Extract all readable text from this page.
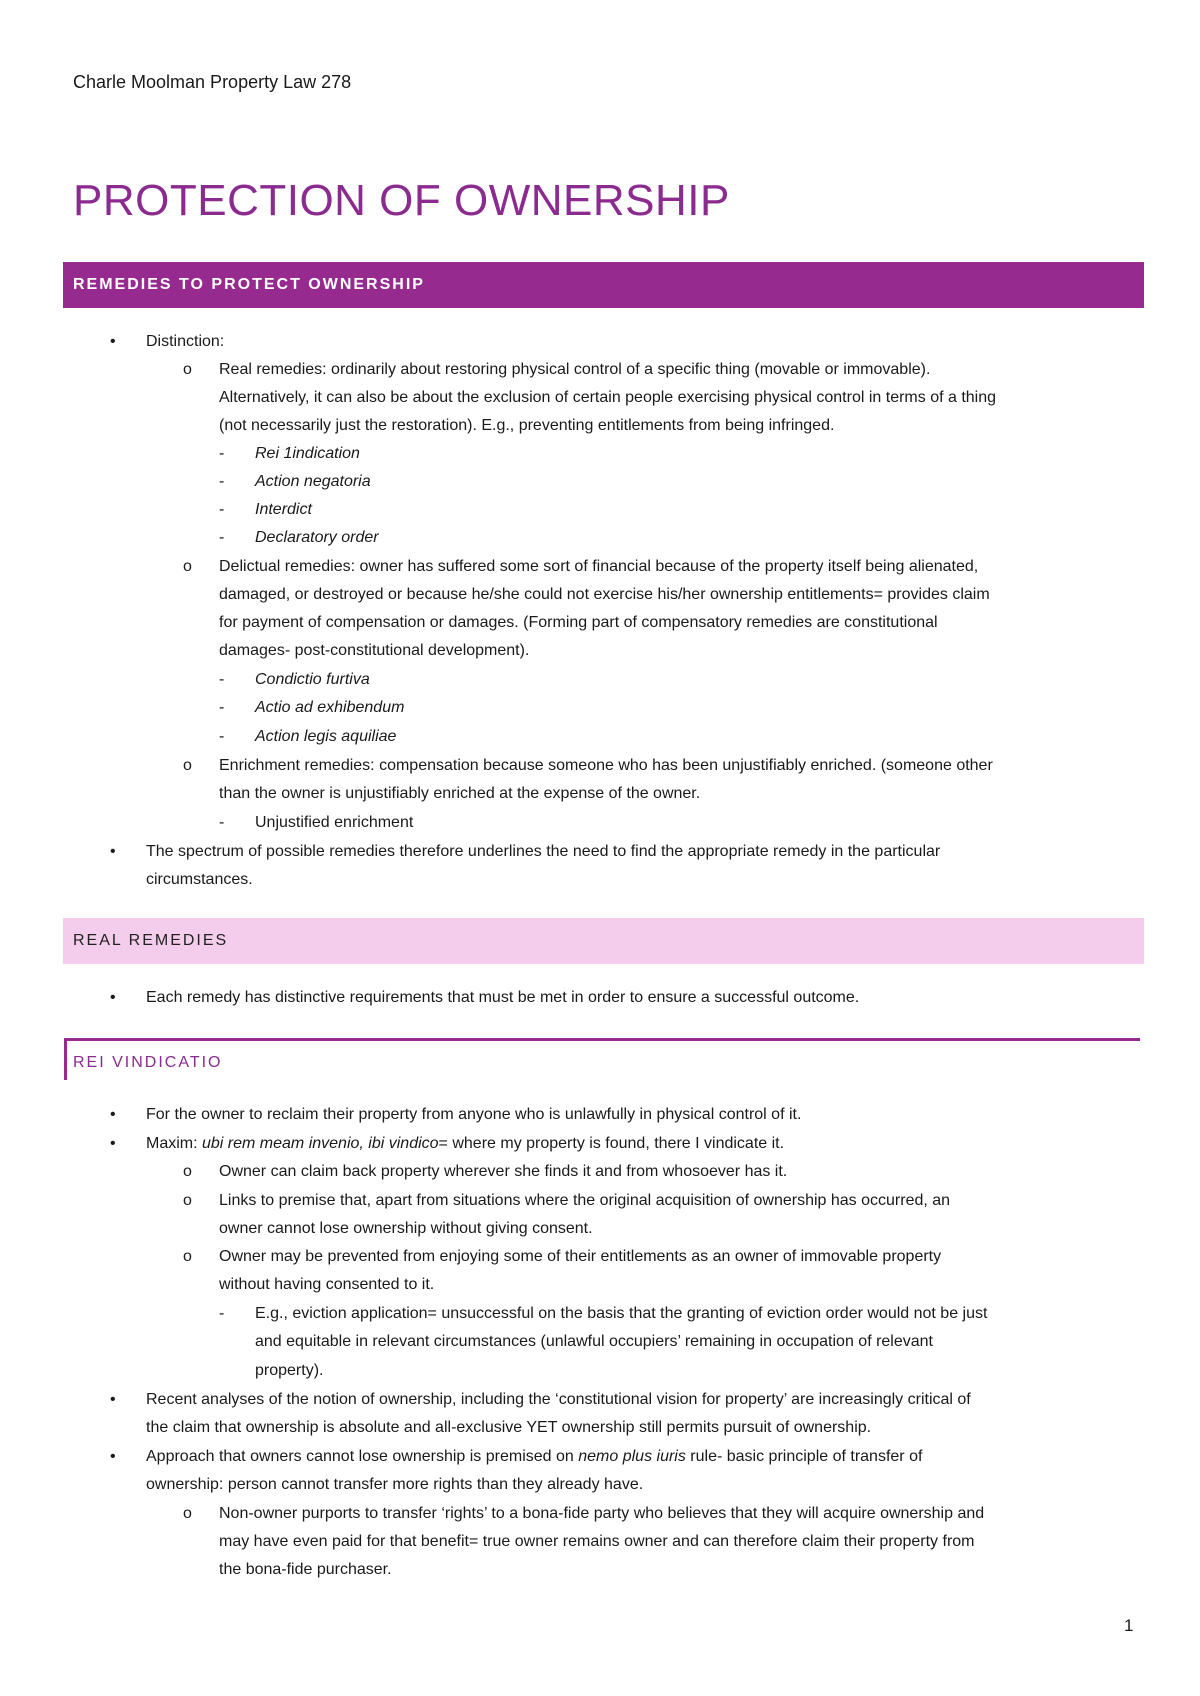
Charle Moolman Property Law 278
PROTECTION OF OWNERSHIP
REMEDIES TO PROTECT OWNERSHIP
• Distinction:
o Real remedies: ordinarily about restoring physical control of a specific thing (movable or immovable).
Alternatively, it can also be about the exclusion of certain people exercising physical control in terms of a thing
(not necessarily just the restoration). E.g., preventing entitlements from being infringed.
- Rei 1indication
- Action negatoria
- Interdict
- Declaratory order
o Delictual remedies: owner has suffered some sort of financial because of the property itself being alienated,
damaged, or destroyed or because he/she could not exercise his/her ownership entitlements= provides claim
for payment of compensation or damages. (Forming part of compensatory remedies are constitutional
damages- post-constitutional development).
- Condictio furtiva
- Actio ad exhibendum
- Action legis aquiliae
o Enrichment remedies: compensation because someone who has been unjustifiably enriched. (someone other
than the owner is unjustifiably enriched at the expense of the owner.
- Unjustified enrichment
• The spectrum of possible remedies therefore underlines the need to find the appropriate remedy in the particular
circumstances.
REAL REMEDIES
• Each remedy has distinctive requirements that must be met in order to ensure a successful outcome.
REI VINDICATIO
• For the owner to reclaim their property from anyone who is unlawfully in physical control of it.
• Maxim: ubi rem meam invenio, ibi vindico= where my property is found, there I vindicate it.
o Owner can claim back property wherever she finds it and from whosoever has it.
o Links to premise that, apart from situations where the original acquisition of ownership has occurred, an
owner cannot lose ownership without giving consent.
o Owner may be prevented from enjoying some of their entitlements as an owner of immovable property
without having consented to it.
- E.g., eviction application= unsuccessful on the basis that the granting of eviction order would not be just
and equitable in relevant circumstances (unlawful occupiers’ remaining in occupation of relevant
property).
• Recent analyses of the notion of ownership, including the ‘constitutional vision for property’ are increasingly critical of
the claim that ownership is absolute and all-exclusive YET ownership still permits pursuit of ownership.
• Approach that owners cannot lose ownership is premised on nemo plus iuris rule- basic principle of transfer of
ownership: person cannot transfer more rights than they already have.
o Non-owner purports to transfer ‘rights’ to a bona-fide party who believes that they will acquire ownership and
may have even paid for that benefit= true owner remains owner and can therefore claim their property from
the bona-fide purchaser.
1
